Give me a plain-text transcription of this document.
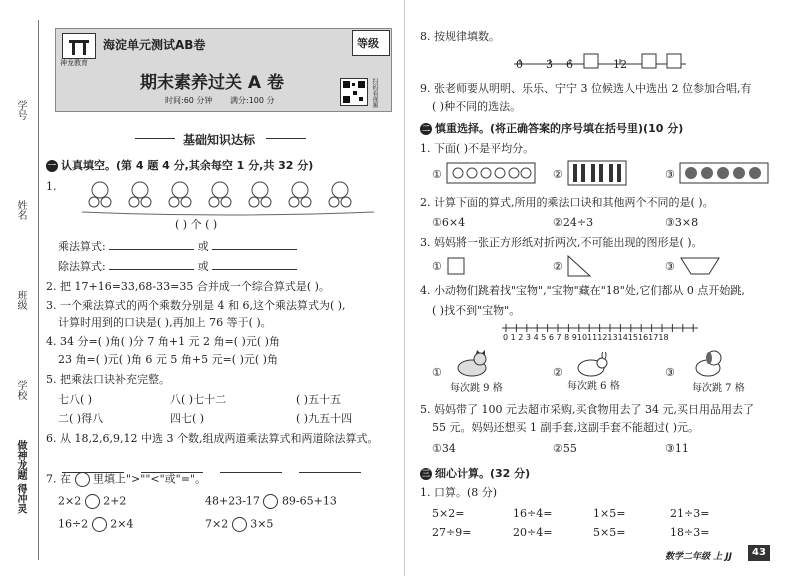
学号
姓名
班级
学校
做神龙题 得冲灵
神龙教育
海淀单元测试AB卷	等级
期末素养过关 A 卷
时间:60 分钟 满分:100 分	扫码看视频
基础知识达标
一 认真填空。(第 4 题 4 分,其余每空 1 分,共 32 分)
1.
( ) 个 ( )
乘法算式:	或
除法算式:	或
2. 把 17+16=33,68-33=35 合并成一个综合算式是( )。
3. 一个乘法算式的两个乘数分别是 4 和 6,这个乘法算式为( ),
计算时用到的口诀是( ),再加上 76 等于( )。
4. 34 分=( )角( )分 7 角+1 元 2 角=( )元( )角
23 角=( )元( )角 6 元 5 角+5 元=( )元( )角
5. 把乘法口诀补充完整。
七八( )	八( )七十二	( )五十五
二( )得八	四七( )	( )九五十四
6. 从 18,2,6,9,12 中选 3 个数,组成两道乘法算式和两道除法算式。

7. 在 里填上">""<"或"="。
2×2 2+2	48+23-17 89-65+13
16÷2 2×4	7×2 3×5
8. 按规律填数。
0 3 6	12
9. 张老师要从明明、乐乐、宁宁 3 位候选人中选出 2 位参加合唱,有
( )种不同的选法。
二 慎重选择。(将正确答案的序号填在括号里)(10 分)
1. 下面( )不是平均分。
①	②	③
2. 计算下面的算式,所用的乘法口诀和其他两个不同的是( )。
①6×4	②24÷3	③3×8
3. 妈妈將一张正方形纸对折两次,不可能出现的图形是( )。
①	②	③
4. 小动物们跳着找"宝物","宝物"藏在"18"处,它们都从 0 点开始跳,
( )找不到"宝物"。
0 1 2 3 4 5 6 7 8 9101112131415161718
①
每次跳 9 格
②
每次跳 6 格
③
每次跳 7 格
5. 妈妈带了 100 元去超市采购,买食物用去了 34 元,买日用品用去了
55 元。妈妈还想买 1 副手套,这副手套不能超过( )元。
①34	②55	③11
三 细心计算。(32 分)
1. 口算。(8 分)
5×2=	16÷4=	1×5=	21÷3=
27÷9=	20÷4=	5×5=	18÷3=
数学二年级 上 JJ	43
